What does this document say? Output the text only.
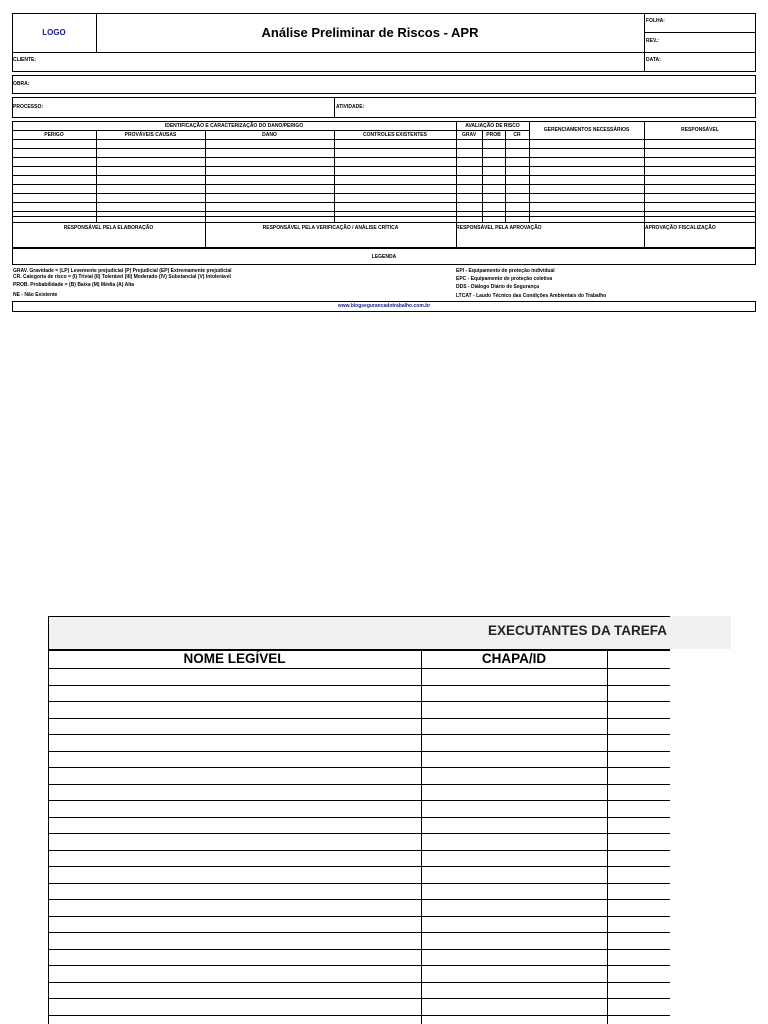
LOGO	Análise Preliminar de Riscos - APR
FOLHA:
REV.:
DATA:
CLIENTE:
OBRA:
PROCESSO:	ATIVIDADE:
IDENTIFICAÇÃO E CARACTERIZAÇÃO DO DANO/PERIGO	AVALIAÇÃO DE RISCO
GERENCIAMENTOS NECESSÁRIOS	RESPONSÁVEL
PERIGO	PROVÁVEIS CAUSAS	DANO	CONTROLES EXISTENTES	GRAV	PROB	CR
RESPONSÁVEL PELA ELABORAÇÃO	RESPONSÁVEL PELA VERIFICAÇÃO / ANÁLISE CRÍTICA	RESPONSÁVEL PELA APROVAÇÃO	APROVAÇÃO FISCALIZAÇÃO
LEGENDA
GRAV. Gravidade = (LP) Levemente prejudicial (P) Prejudicial (EP) Extremamente prejudicial
CR. Categoria de risco = (I) Trivial (II) Tolerável (III) Moderado (IV) Substancial (V) Intolerável
PROB. Probabilidade = (B) Baixa (M) Média (A) Alta
NE - Não Existente
EPI - Equipamento de proteção individual
EPC - Equipamento de proteção coletiva
DDS - Diálogo Diário de Segurança
LTCAT - Laudo Técnico das Condições Ambientais do Trabalho
www.blogsegurancadotrabalho.com.br
EXECUTANTES DA TAREFA
NOME LEGÍVEL	CHAPA/ID
